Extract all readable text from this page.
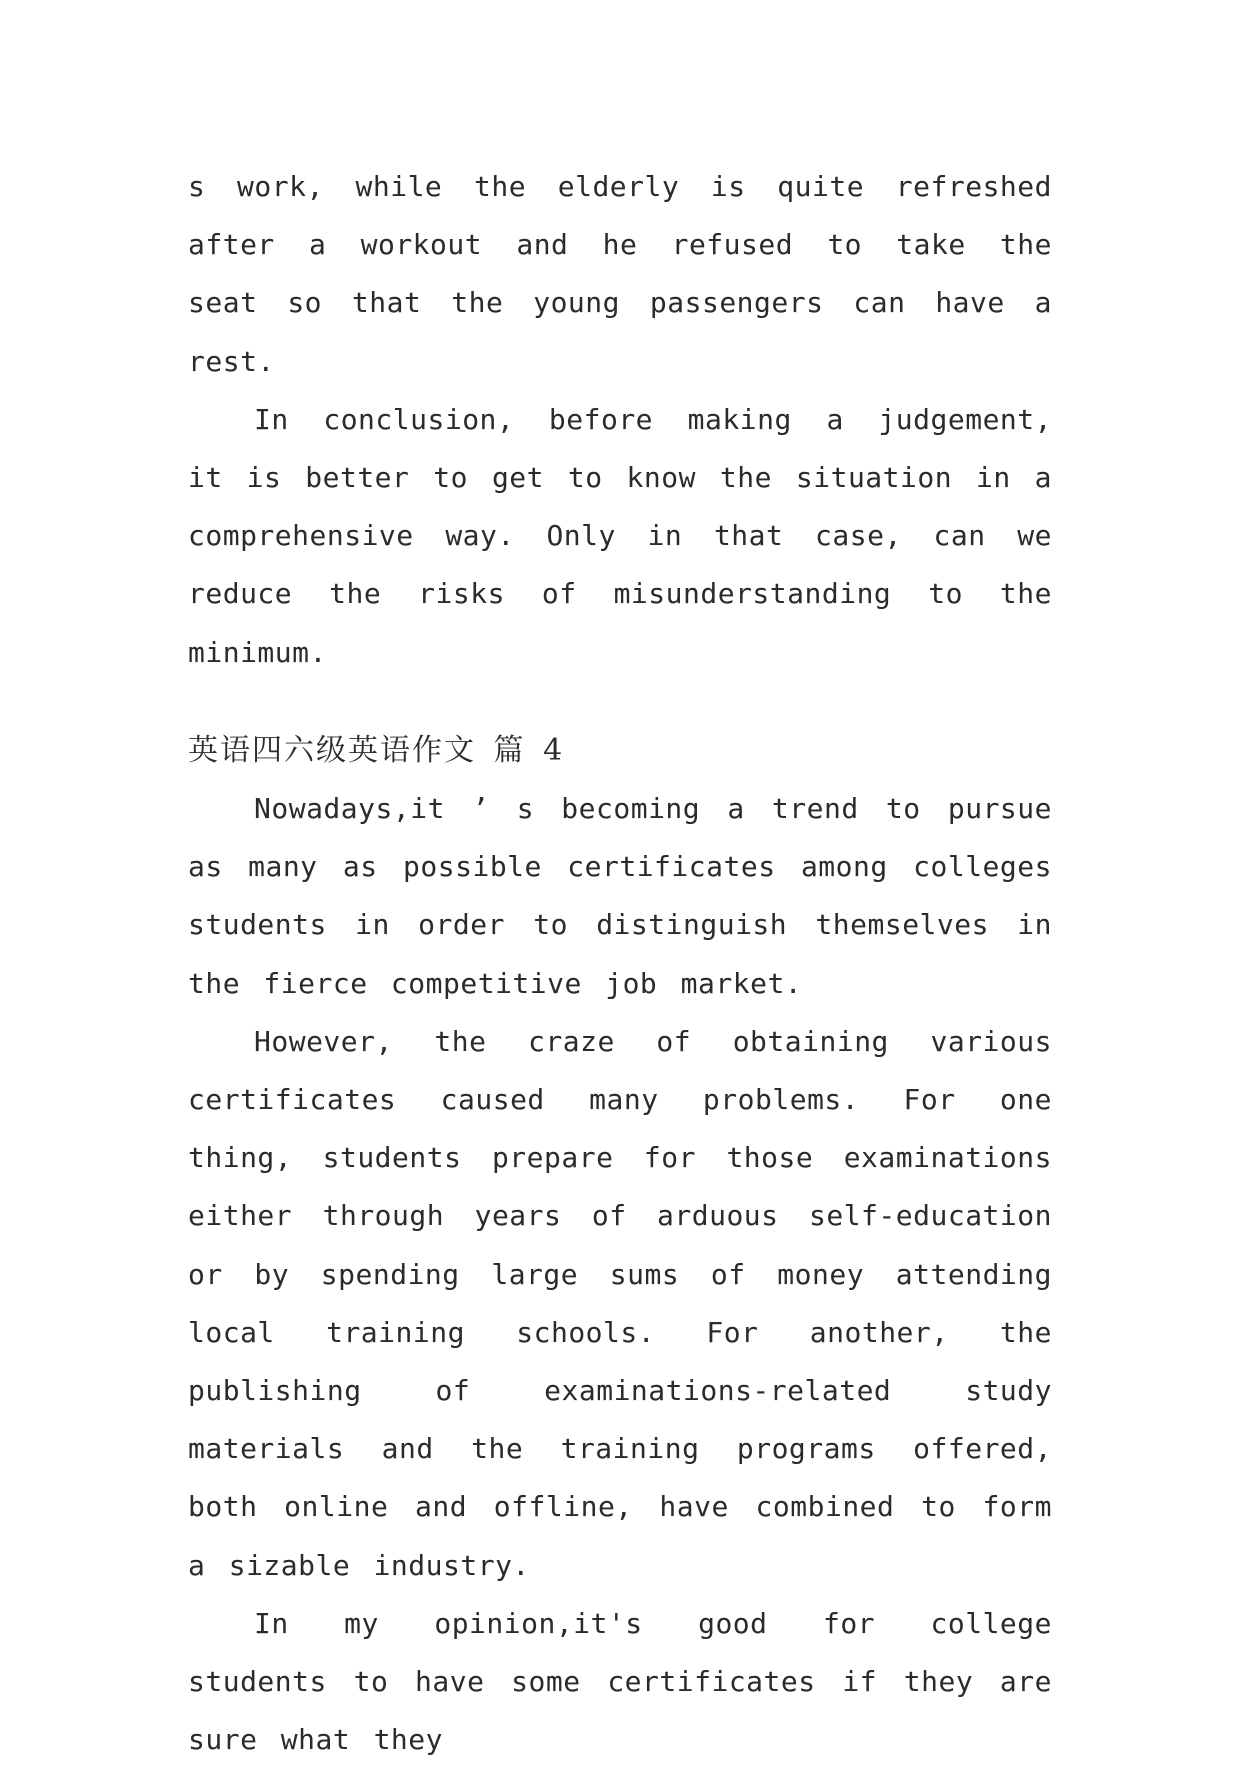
s work, while the elderly is quite refreshed after a workout and he refused to take the seat so that the young passengers can have a rest.

In conclusion, before making a judgement, it is better to get to know the situation in a comprehensive way. Only in that case, can we reduce the risks of misunderstanding to the minimum.

英语四六级英语作文 篇 4

Nowadays,it ’ s becoming a trend to pursue as many as possible certificates among colleges students in order to distinguish themselves in the fierce competitive job market.

However, the craze of obtaining various certificates caused many problems. For one thing, students prepare for those examinations either through years of arduous self-education or by spending large sums of money attending local training schools. For another, the publishing of examinations-related study materials and the training programs offered, both online and offline, have combined to form a sizable industry.

In my opinion,it's good for college students to have some certificates if they are sure what they
